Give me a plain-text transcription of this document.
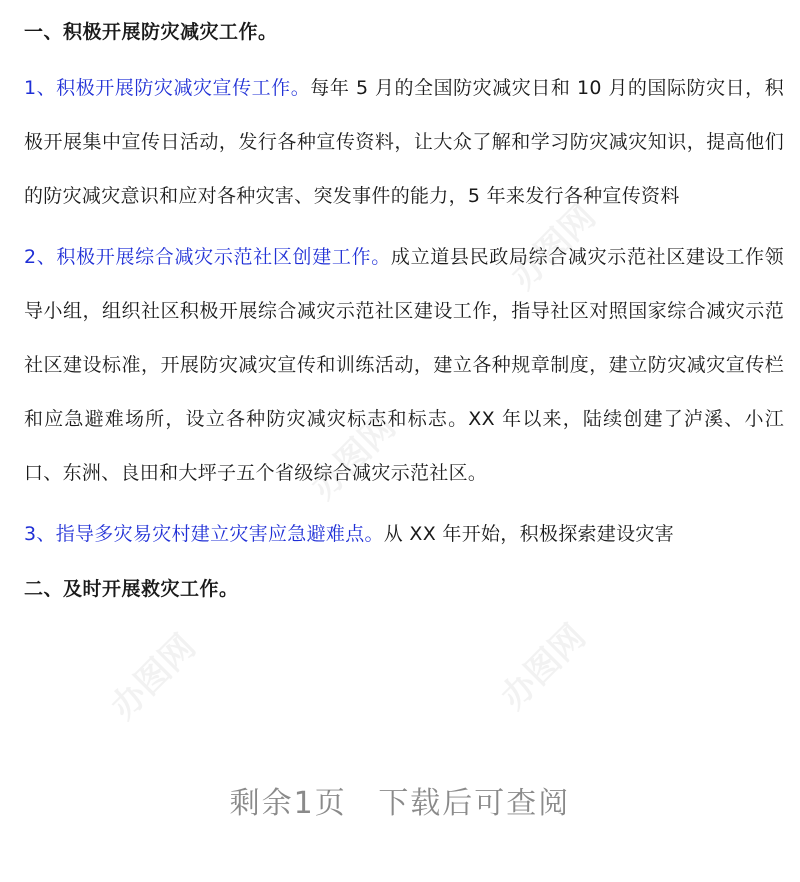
办图网
办图网
办图网	办图网
一、积极开展防灾减灾工作。
1、积极开展防灾减灾宣传工作。每年 5 月的全国防灾减灾日和 10 月的国际防灾日，积极开展集中宣传日活动，发行各种宣传资料，让大众了解和学习防灾减灾知识，提高他们的防灾减灾意识和应对各种灾害、突发事件的能力，5 年来发行各种宣传资料
2、积极开展综合减灾示范社区创建工作。成立道县民政局综合减灾示范社区建设工作领导小组，组织社区积极开展综合减灾示范社区建设工作，指导社区对照国家综合减灾示范社区建设标准，开展防灾减灾宣传和训练活动，建立各种规章制度，建立防灾减灾宣传栏和应急避难场所，设立各种防灾减灾标志和标志。XX 年以来，陆续创建了泸溪、小江口、东洲、良田和大坪子五个省级综合减灾示范社区。
3、指导多灾易灾村建立灾害应急避难点。从 XX 年开始，积极探索建设灾害
二、及时开展救灾工作。
剩余1页 下载后可查阅
